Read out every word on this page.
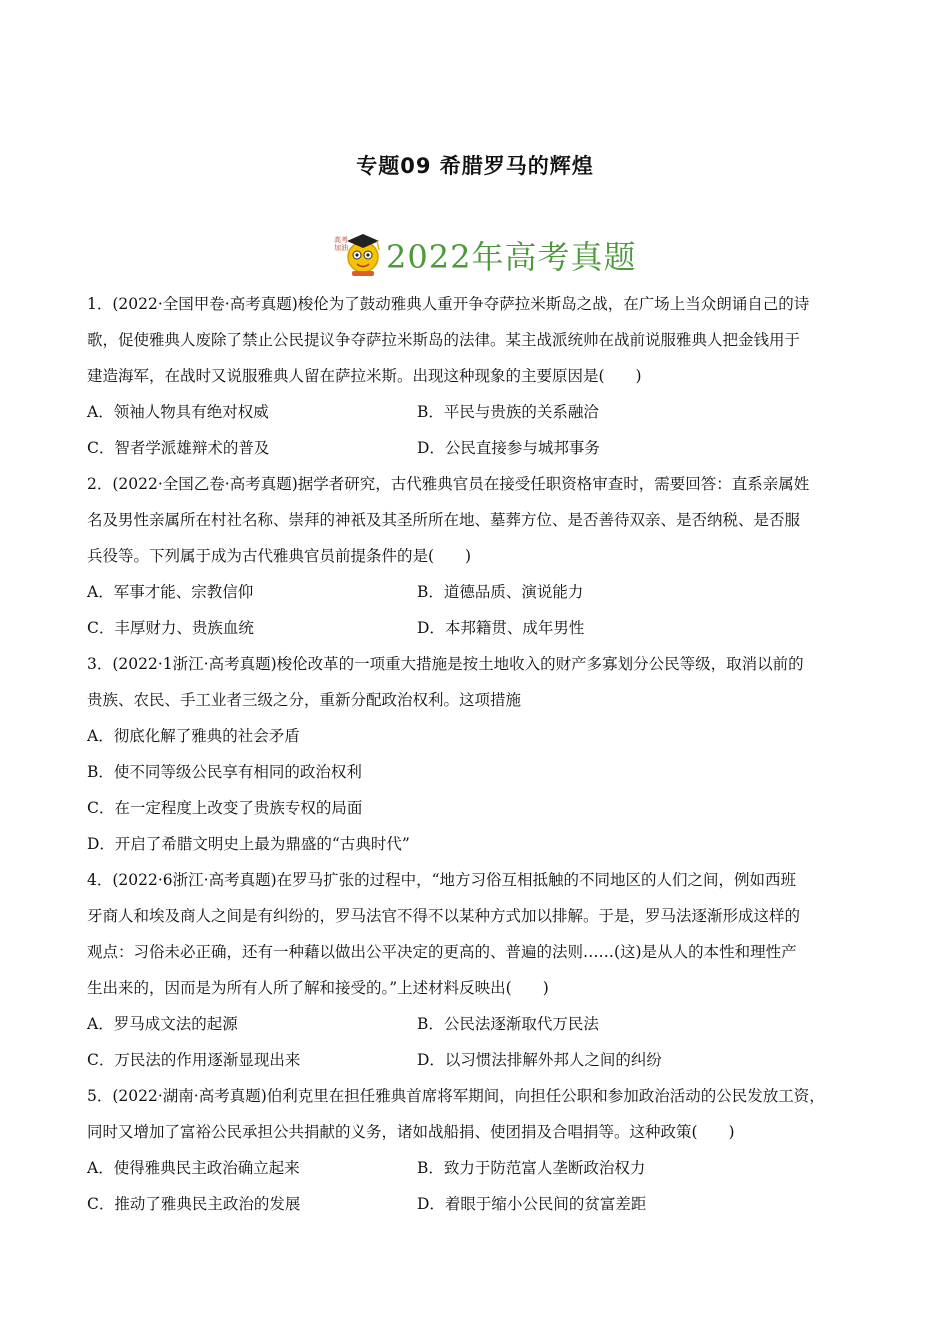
专题09 希腊罗马的辉煌
高考加油 2022年高考真题
1．(2022·全国甲卷·高考真题)梭伦为了鼓动雅典人重开争夺萨拉米斯岛之战，在广场上当众朗诵自己的诗
歌，促使雅典人废除了禁止公民提议争夺萨拉米斯岛的法律。某主战派统帅在战前说服雅典人把金钱用于
建造海军，在战时又说服雅典人留在萨拉米斯。出现这种现象的主要原因是(　　)
A．领袖人物具有绝对权威	B．平民与贵族的关系融洽
C．智者学派雄辩术的普及	D．公民直接参与城邦事务
2．(2022·全国乙卷·高考真题)据学者研究，古代雅典官员在接受任职资格审查时，需要回答：直系亲属姓
名及男性亲属所在村社名称、崇拜的神祇及其圣所所在地、墓葬方位、是否善待双亲、是否纳税、是否服
兵役等。下列属于成为古代雅典官员前提条件的是(　　)
A．军事才能、宗教信仰	B．道德品质、演说能力
C．丰厚财力、贵族血统	D．本邦籍贯、成年男性
3．(2022·1浙江·高考真题)梭伦改革的一项重大措施是按土地收入的财产多寡划分公民等级，取消以前的
贵族、农民、手工业者三级之分，重新分配政治权利。这项措施
A．彻底化解了雅典的社会矛盾
B．使不同等级公民享有相同的政治权利
C．在一定程度上改变了贵族专权的局面
D．开启了希腊文明史上最为鼎盛的“古典时代”
4．(2022·6浙江·高考真题)在罗马扩张的过程中，“地方习俗互相抵触的不同地区的人们之间，例如西班
牙商人和埃及商人之间是有纠纷的，罗马法官不得不以某种方式加以排解。于是，罗马法逐渐形成这样的
观点：习俗未必正确，还有一种藉以做出公平决定的更高的、普遍的法则……(这)是从人的本性和理性产
生出来的，因而是为所有人所了解和接受的。”上述材料反映出(　　)
A．罗马成文法的起源	B．公民法逐渐取代万民法
C．万民法的作用逐渐显现出来	D．以习惯法排解外邦人之间的纠纷
5．(2022·湖南·高考真题)伯利克里在担任雅典首席将军期间，向担任公职和参加政治活动的公民发放工资，
同时又增加了富裕公民承担公共捐献的义务，诸如战船捐、使团捐及合唱捐等。这种政策(　　)
A．使得雅典民主政治确立起来	B．致力于防范富人垄断政治权力
C．推动了雅典民主政治的发展	D．着眼于缩小公民间的贫富差距
